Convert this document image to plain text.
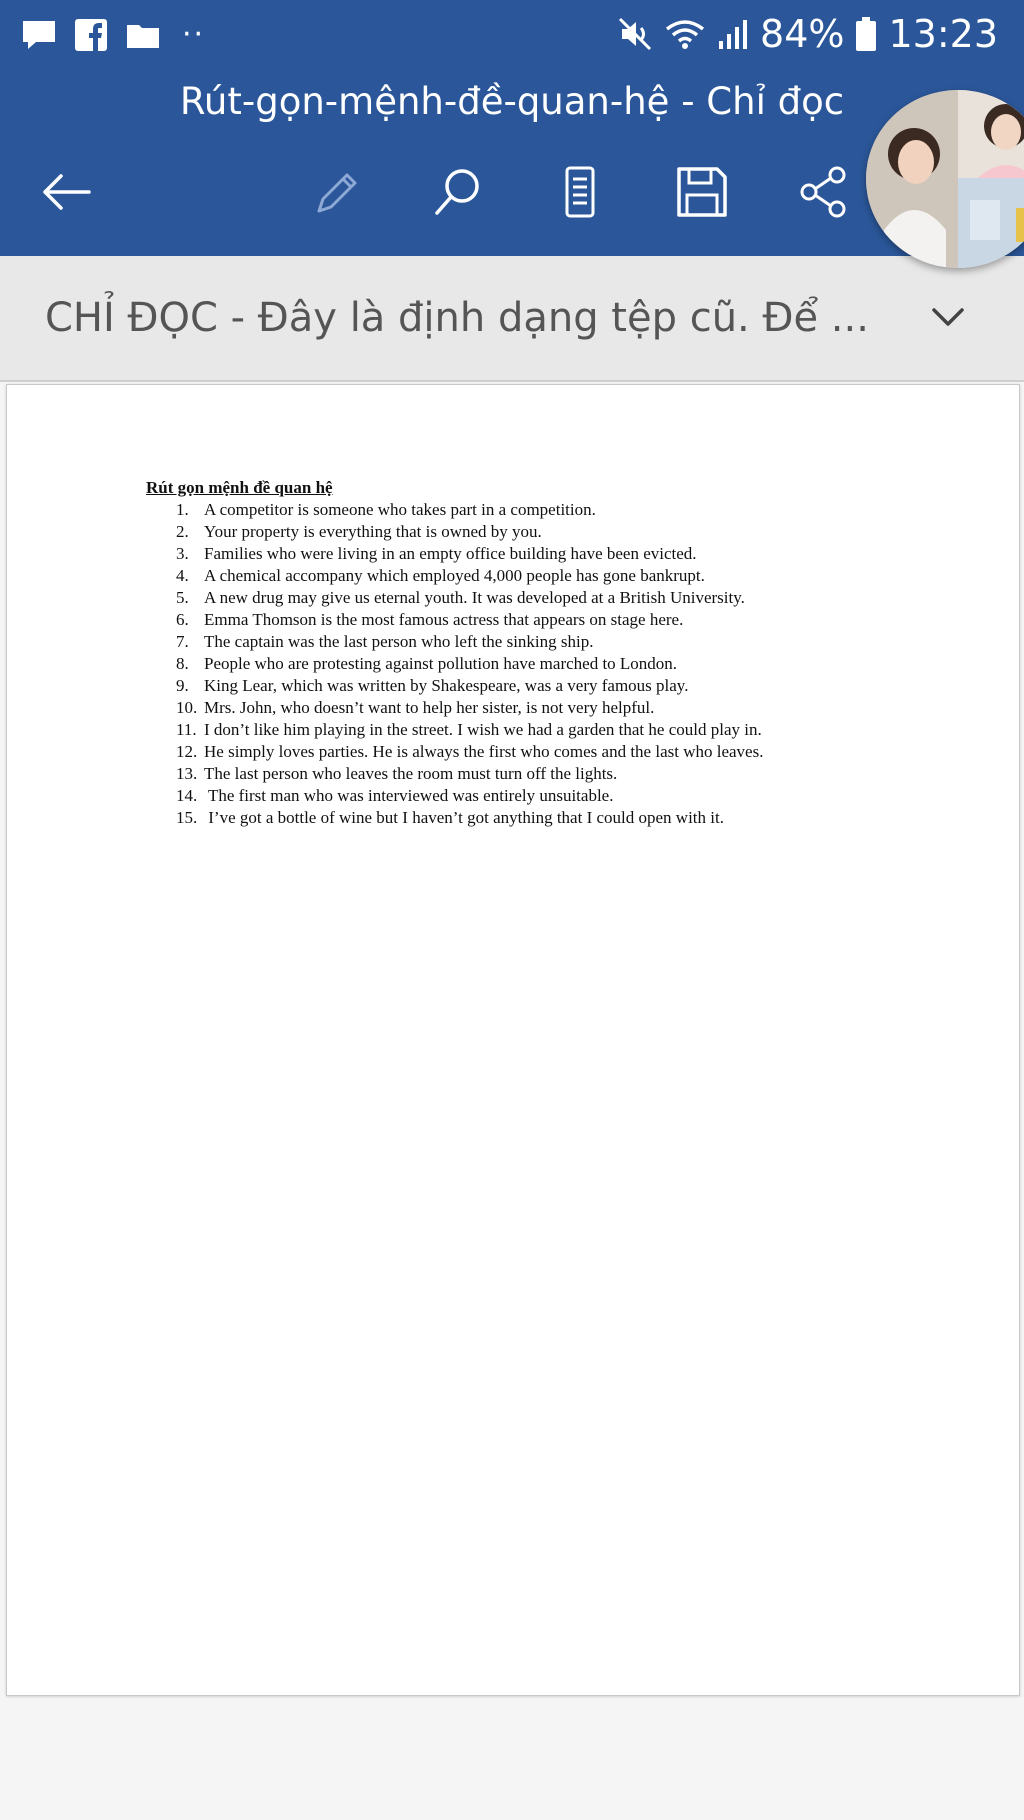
··	84% 13:23
Rút-gọn-mệnh-đề-quan-hệ - Chỉ đọc
CHỈ ĐỌC - Đây là định dạng tệp cũ. Để ...

Rút gọn mệnh đề quan hệ

1. A competitor is someone who takes part in a competition.
2. Your property is everything that is owned by you.
3. Families who were living in an empty office building have been evicted.
4. A chemical accompany which employed 4,000 people has gone bankrupt.
5. A new drug may give us eternal youth. It was developed at a British University.
6. Emma Thomson is the most famous actress that appears on stage here.
7. The captain was the last person who left the sinking ship.
8. People who are protesting against pollution have marched to London.
9. King Lear, which was written by Shakespeare, was a very famous play.
10. Mrs. John, who doesn’t want to help her sister, is not very helpful.
11. I don’t like him playing in the street. I wish we had a garden that he could play in.
12. He simply loves parties. He is always the first who comes and the last who leaves.
13. The last person who leaves the room must turn off the lights.
14. The first man who was interviewed was entirely unsuitable.
15. I’ve got a bottle of wine but I haven’t got anything that I could open with it.
